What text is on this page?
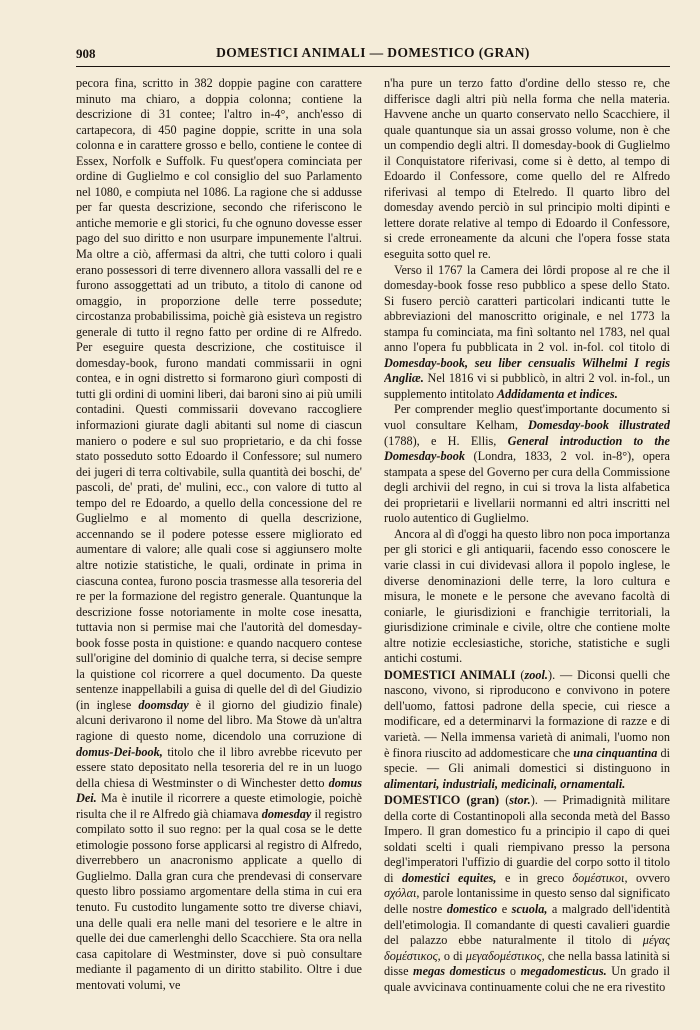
908	DOMESTICI ANIMALI — DOMESTICO (GRAN)

pecora fina, scritto in 382 doppie pagine con carattere minuto ma chiaro, a doppia colonna; contiene la descrizione di 31 contee; l'altro in-4°, anch'esso di cartapecora, di 450 pagine doppie, scritte in una sola colonna e in carattere grosso e bello, contiene le contee di Essex, Norfolk e Suffolk. Fu quest'opera cominciata per ordine di Guglielmo e col consiglio del suo Parlamento nel 1080, e compiuta nel 1086. La ragione che si addusse per far questa descrizione, secondo che riferiscono le antiche memorie e gli storici, fu che ognuno dovesse esser pago del suo diritto e non usurpare impunemente l'altrui. Ma oltre a ciò, affermasi da altri, che tutti coloro i quali erano possessori di terre divennero allora vassalli del re e furono assoggettati ad un tributo, a titolo di canone od omaggio, in proporzione delle terre possedute; circostanza probabilissima, poichè già esisteva un registro generale di tutto il regno fatto per ordine di re Alfredo. Per eseguire questa descrizione, che costituisce il domesday-book, furono mandati commissarii in ogni contea, e in ogni distretto si formarono giurì composti di tutti gli ordini di uomini liberi, dai baroni sino ai più umili contadini. Questi commissarii dovevano raccogliere informazioni giurate dagli abitanti sul nome di ciascun maniero o podere e sul suo proprietario, e da chi fosse stato posseduto sotto Edoardo il Confessore; sul numero dei jugeri di terra coltivabile, sulla quantità dei boschi, de' pascoli, de' prati, de' mulini, ecc., con valore di tutto al tempo del re Edoardo, a quello della concessione del re Guglielmo e al momento di quella descrizione, accennando se il podere potesse essere migliorato ed aumentare di valore; alle quali cose si aggiunsero molte altre notizie statistiche, le quali, ordinate in prima in ciascuna contea, furono poscia trasmesse alla tesoreria del re per la formazione del registro generale. Quantunque la descrizione fosse notoriamente in molte cose inesatta, tuttavia non si permise mai che l'autorità del domesday-book fosse posta in quistione: e quando nacquero contese sull'origine del dominio di qualche terra, si decise sempre la quistione col ricorrere a quel documento. Da queste sentenze inappellabili a guisa di quelle del dì del Giudizio (in inglese doomsday è il giorno del giudizio finale) alcuni derivarono il nome del libro. Ma Stowe dà un'altra ragione di questo nome, dicendolo una corruzione di domus-Dei-book, titolo che il libro avrebbe ricevuto per essere stato depositato nella tesoreria del re in un luogo della chiesa di Westminster o di Winchester detto domus Dei. Ma è inutile il ricorrere a queste etimologie, poichè risulta che il re Alfredo già chiamava domesday il registro compilato sotto il suo regno: per la qual cosa se le dette etimologie possono forse applicarsi al registro di Alfredo, diverrebbero un anacronismo applicate a quello di Guglielmo. Dalla gran cura che prendevasi di conservare questo libro possiamo argomentare della stima in cui era tenuto. Fu custodito lungamente sotto tre diverse chiavi, una delle quali era nelle mani del tesoriere e le altre in quelle dei due camerlenghi dello Scacchiere. Sta ora nella casa capitolare di Westminster, dove si può consultare mediante il pagamento di un diritto stabilito. Oltre i due mentovati volumi, ve

n'ha pure un terzo fatto d'ordine dello stesso re, che differisce dagli altri più nella forma che nella materia. Havvene anche un quarto conservato nello Scacchiere, il quale quantunque sia un assai grosso volume, non è che un compendio degli altri. Il domesday-book di Guglielmo il Conquistatore riferivasi, come si è detto, al tempo di Edoardo il Confessore, come quello del re Alfredo riferivasi al tempo di Etelredo. Il quarto libro del domesday avendo perciò in sul principio molti dipinti e lettere dorate relative al tempo di Edoardo il Confessore, si crede erroneamente da alcuni che l'opera fosse stata eseguita sotto quel re.

Verso il 1767 la Camera dei lôrdi propose al re che il domesday-book fosse reso pubblico a spese dello Stato. Si fusero perciò caratteri particolari indicanti tutte le abbreviazioni del manoscritto originale, e nel 1773 la stampa fu cominciata, ma finì soltanto nel 1783, nel qual anno l'opera fu pubblicata in 2 vol. in-fol. col titolo di Domesday-book, seu liber censualis Wilhelmi I regis Angliæ. Nel 1816 vi si pubblicò, in altri 2 vol. in-fol., un supplemento intitolato Addidamenta et indices.

Per comprender meglio quest'importante documento si vuol consultare Kelham, Domesday-book illustrated (1788), e H. Ellis, General introduction to the Domesday-book (Londra, 1833, 2 vol. in-8°), opera stampata a spese del Governo per cura della Commissione degli archivii del regno, in cui si trova la lista alfabetica dei proprietarii e livellarii normanni ed altri inscritti nel ruolo autentico di Guglielmo.

Ancora al dì d'oggi ha questo libro non poca importanza per gli storici e gli antiquarii, facendo esso conoscere le varie classi in cui dividevasi allora il popolo inglese, le diverse denominazioni delle terre, la loro cultura e misura, le monete e le persone che avevano facoltà di coniarle, le giurisdizioni e franchigie territoriali, la giurisdizione criminale e civile, oltre che contiene molte altre notizie ecclesiastiche, storiche, statistiche e sugli antichi costumi.

DOMESTICI ANIMALI (zool.). — Diconsi quelli che nascono, vivono, si riproducono e convivono in potere dell'uomo, fattosi padrone della specie, cui riesce a modificare, ed a determinarvi la formazione di razze e di varietà. — Nella immensa varietà di animali, l'uomo non è finora riuscito ad addomesticare che una cinquantina di specie. — Gli animali domestici si distinguono in alimentari, industriali, medicinali, ornamentali.

DOMESTICO (gran) (stor.). — Primadignità militare della corte di Costantinopoli alla seconda metà del Basso Impero. Il gran domestico fu a principio il capo di quei soldati scelti i quali riempivano presso la persona degl'imperatori l'uffizio di guardie del corpo sotto il titolo di domestici equites, e in greco δομέστικοι, ovvero σχόλαι, parole lontanissime in questo senso dal significato delle nostre domestico e scuola, a malgrado dell'identità dell'etimologia. Il comandante di questi cavalieri guardie del palazzo ebbe naturalmente il titolo di μέγας δομέστικος, o di μεγαδομέστικος, che nella bassa latinità si disse megas domesticus o megadomesticus. Un grado il quale avvicinava continuamente colui che ne era rivestito
